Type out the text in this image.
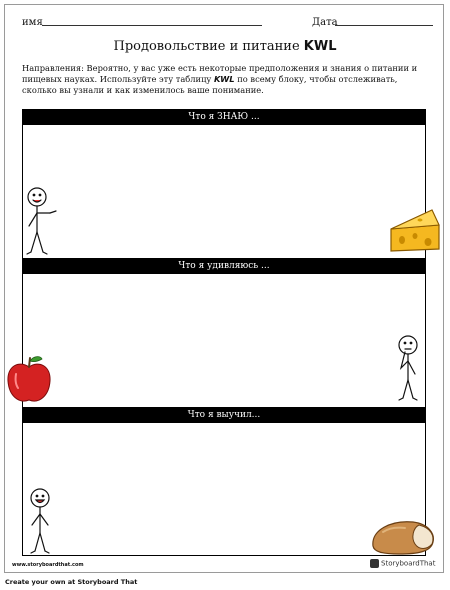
имя	Дата
Продовольствие и питание KWL
Направления: Вероятно, у вас уже есть некоторые предположения и знания о питании и пищевых науках. Используйте эту таблицу KWL по всему блоку, чтобы отслеживать, сколько вы узнали и как изменилось ваше понимание.
Что я ЗНАЮ ...
Что я удивляюсь ...
Что я выучил...
www.storyboardthat.com	StoryboardThat
Create your own at Storyboard That
